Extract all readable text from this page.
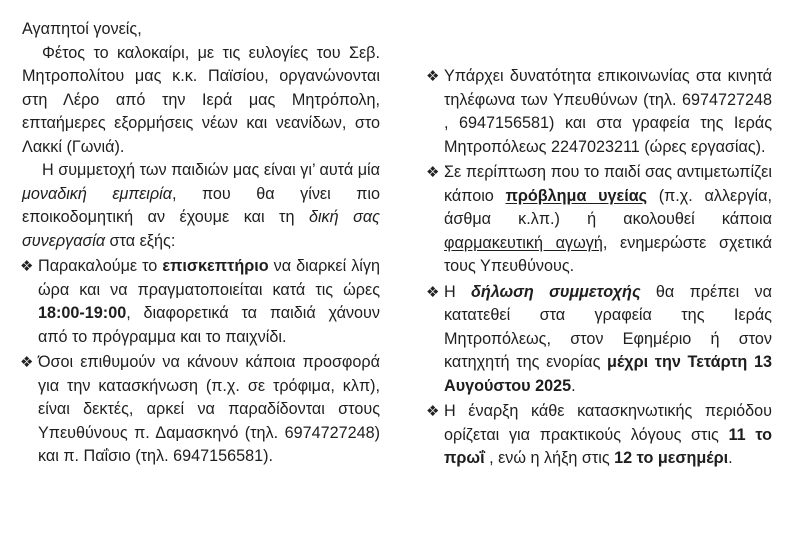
Αγαπητοί γονείς,

Φέτος το καλοκαίρι, με τις ευλογίες του Σεβ. Μητροπολίτου μας κ.κ. Παϊσίου, οργανώνονται στη Λέρο από την Ιερά μας Μητρόπολη, επταήμερες εξορμήσεις νέων και νεανίδων, στο Λακκί (Γωνιά).

Η συμμετοχή των παιδιών μας είναι γι’ αυτά μία μοναδική εμπειρία, που θα γίνει πιο εποικοδομητική αν έχουμε και τη δική σας συνεργασία στα εξής:

❖ Παρακαλούμε το επισκεπτήριο να διαρκεί λίγη ώρα και να πραγματοποιείται κατά τις ώρες 18:00-19:00, διαφορετικά τα παιδιά χάνουν από το πρόγραμμα και το παιχνίδι.

❖ Όσοι επιθυμούν να κάνουν κάποια προσφορά για την κατασκήνωση (π.χ. σε τρόφιμα, κλπ), είναι δεκτές, αρκεί να παραδίδονται στους Υπευθύνους π. Δαμασκηνό (τηλ. 6974727248) και π. Παΐσιο (τηλ. 6947156581).

❖ Υπάρχει δυνατότητα επικοινωνίας στα κινητά τηλέφωνα των Υπευθύνων (τηλ. 6974727248 , 6947156581) και στα γραφεία της Ιεράς Μητροπόλεως 2247023211 (ώρες εργασίας).

❖ Σε περίπτωση που το παιδί σας αντιμετωπίζει κάποιο πρόβλημα υγείας (π.χ. αλλεργία, άσθμα κ.λπ.) ή ακολουθεί κάποια φαρμακευτική αγωγή, ενημερώστε σχετικά τους Υπευθύνους.

❖ Η δήλωση συμμετοχής θα πρέπει να κατατεθεί στα γραφεία της Ιεράς Μητροπόλεως, στον Εφημέριο ή στον κατηχητή της ενορίας μέχρι την Τετάρτη 13 Αυγούστου 2025.

❖ Η έναρξη κάθε κατασκηνωτικής περιόδου ορίζεται για πρακτικούς λόγους στις 11 το πρωΐ , ενώ η λήξη στις 12 το μεσημέρι.
